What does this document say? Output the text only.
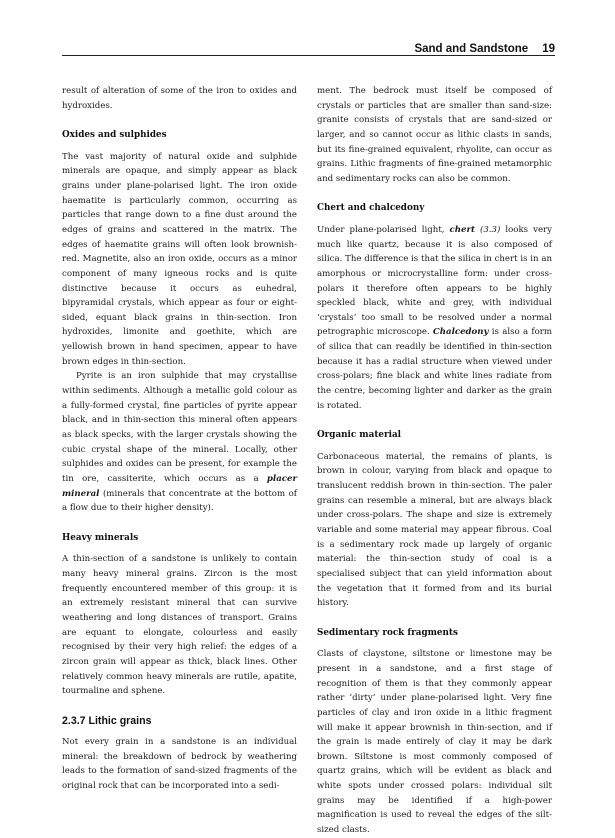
Sand and Sandstone 19

result of alteration of some of the iron to oxides and hydroxides.

Oxides and sulphides

The vast majority of natural oxide and sulphide minerals are opaque, and simply appear as black grains under plane-polarised light. The iron oxide haematite is particularly common, occurring as particles that range down to a fine dust around the edges of grains and scattered in the matrix. The edges of haematite grains will often look brownish-red. Magnetite, also an iron oxide, occurs as a minor component of many igneous rocks and is quite distinctive because it occurs as euhedral, bipyramidal crystals, which appear as four or eight-sided, equant black grains in thin-section. Iron hydroxides, limonite and goethite, which are yellowish brown in hand specimen, appear to have brown edges in thin-section.

Pyrite is an iron sulphide that may crystallise within sediments. Although a metallic gold colour as a fully-formed crystal, fine particles of pyrite appear black, and in thin-section this mineral often appears as black specks, with the larger crystals showing the cubic crystal shape of the mineral. Locally, other sulphides and oxides can be present, for example the tin ore, cassiterite, which occurs as a placer mineral (minerals that concentrate at the bottom of a flow due to their higher density).

Heavy minerals

A thin-section of a sandstone is unlikely to contain many heavy mineral grains. Zircon is the most frequently encountered member of this group: it is an extremely resistant mineral that can survive weathering and long distances of transport. Grains are equant to elongate, colourless and easily recognised by their very high relief: the edges of a zircon grain will appear as thick, black lines. Other relatively common heavy minerals are rutile, apatite, tourmaline and sphene.

2.3.7 Lithic grains

Not every grain in a sandstone is an individual mineral: the breakdown of bedrock by weathering leads to the formation of sand-sized fragments of the original rock that can be incorporated into a sedi-

ment. The bedrock must itself be composed of crystals or particles that are smaller than sand-size: granite consists of crystals that are sand-sized or larger, and so cannot occur as lithic clasts in sands, but its fine-grained equivalent, rhyolite, can occur as grains. Lithic fragments of fine-grained metamorphic and sedimentary rocks can also be common.

Chert and chalcedony

Under plane-polarised light, chert (3.3) looks very much like quartz, because it is also composed of silica. The difference is that the silica in chert is in an amorphous or microcrystalline form: under cross-polars it therefore often appears to be highly speckled black, white and grey, with individual ‘crystals’ too small to be resolved under a normal petrographic microscope. Chalcedony is also a form of silica that can readily be identified in thin-section because it has a radial structure when viewed under cross-polars; fine black and white lines radiate from the centre, becoming lighter and darker as the grain is rotated.

Organic material

Carbonaceous material, the remains of plants, is brown in colour, varying from black and opaque to translucent reddish brown in thin-section. The paler grains can resemble a mineral, but are always black under cross-polars. The shape and size is extremely variable and some material may appear fibrous. Coal is a sedimentary rock made up largely of organic material: the thin-section study of coal is a specialised subject that can yield information about the vegetation that it formed from and its burial history.

Sedimentary rock fragments

Clasts of claystone, siltstone or limestone may be present in a sandstone, and a first stage of recognition of them is that they commonly appear rather ‘dirty’ under plane-polarised light. Very fine particles of clay and iron oxide in a lithic fragment will make it appear brownish in thin-section, and if the grain is made entirely of clay it may be dark brown. Siltstone is most commonly composed of quartz grains, which will be evident as black and white spots under crossed polars: individual silt grains may be identified if a high-power magnification is used to reveal the edges of the silt-sized clasts.
